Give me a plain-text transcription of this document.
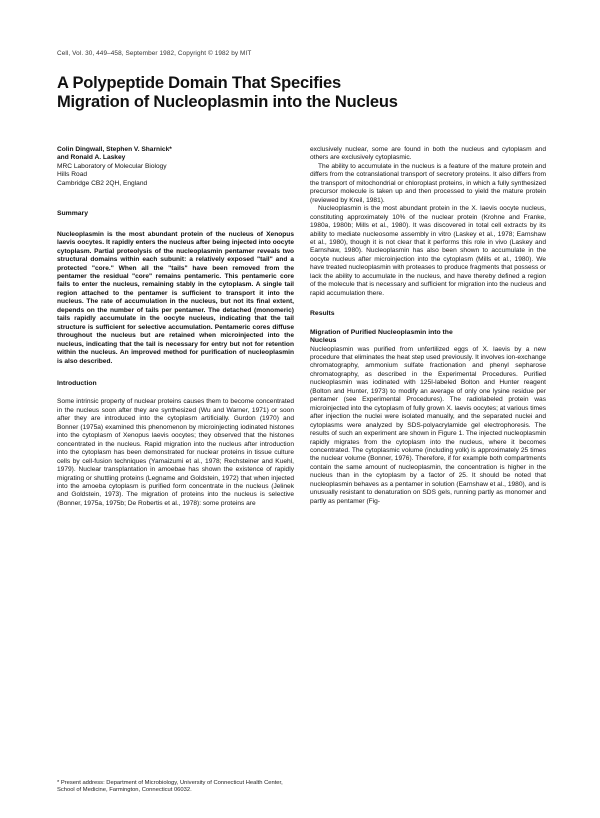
Cell, Vol. 30, 449–458, September 1982, Copyright © 1982 by MIT
A Polypeptide Domain That Specifies
Migration of Nucleoplasmin into the Nucleus

Colin Dingwall, Stephen V. Sharnick*

and Ronald A. Laskey

MRC Laboratory of Molecular Biology

Hills Road

Cambridge CB2 2QH, England

Summary

Nucleoplasmin is the most abundant protein of the nucleus of Xenopus laevis oocytes. It rapidly enters the nucleus after being injected into oocyte cytoplasm. Partial proteolysis of the nucleoplasmin pentamer reveals two structural domains within each subunit: a relatively exposed "tail" and a protected "core." When all the "tails" have been removed from the pentamer the residual "core" remains pentameric. This pentameric core fails to enter the nucleus, remaining stably in the cytoplasm. A single tail region attached to the pentamer is sufficient to transport it into the nucleus. The rate of accumulation in the nucleus, but not its final extent, depends on the number of tails per pentamer. The detached (monomeric) tails rapidly accumulate in the oocyte nucleus, indicating that the tail structure is sufficient for selective accumulation. Pentameric cores diffuse throughout the nucleus but are retained when microinjected into the nucleus, indicating that the tail is necessary for entry but not for retention within the nucleus. An improved method for purification of nucleoplasmin is also described.

Introduction

Some intrinsic property of nuclear proteins causes them to become concentrated in the nucleus soon after they are synthesized (Wu and Warner, 1971) or soon after they are introduced into the cytoplasm artificially. Gurdon (1970) and Bonner (1975a) examined this phenomenon by microinjecting iodinated histones into the cytoplasm of Xenopus laevis oocytes; they observed that the histones concentrated in the nucleus. Rapid migration into the nucleus after introduction into the cytoplasm has been demonstrated for nuclear proteins in tissue culture cells by cell-fusion techniques (Yamaizumi et al., 1978; Rechsteiner and Kuehl, 1979). Nuclear transplantation in amoebae has shown the existence of rapidly migrating or shuttling proteins (Legname and Goldstein, 1972) that when injected into the amoeba cytoplasm is purified form concentrate in the nucleus (Jelinek and Goldstein, 1973). The migration of proteins into the nucleus is selective (Bonner, 1975a, 1975b; De Robertis et al., 1978): some proteins are

* Present address: Department of Microbiology, University of Connecticut Health Center, School of Medicine, Farmington, Connecticut 06032.

exclusively nuclear, some are found in both the nucleus and cytoplasm and others are exclusively cytoplasmic.

The ability to accumulate in the nucleus is a feature of the mature protein and differs from the cotranslational transport of secretory proteins. It also differs from the transport of mitochondrial or chloroplast proteins, in which a fully synthesized precursor molecule is taken up and then processed to yield the mature protein (reviewed by Kreil, 1981).

Nucleoplasmin is the most abundant protein in the X. laevis oocyte nucleus, constituting approximately 10% of the nuclear protein (Krohne and Franke, 1980a, 1980b; Mills et al., 1980). It was discovered in total cell extracts by its ability to mediate nucleosome assembly in vitro (Laskey et al., 1978; Earnshaw et al., 1980), though it is not clear that it performs this role in vivo (Laskey and Earnshaw, 1980). Nucleoplasmin has also been shown to accumulate in the oocyte nucleus after microinjection into the cytoplasm (Mills et al., 1980). We have treated nucleoplasmin with proteases to produce fragments that possess or lack the ability to accumulate in the nucleus, and have thereby defined a region of the molecule that is necessary and sufficient for migration into the nucleus and rapid accumulation there.

Results

Migration of Purified Nucleoplasmin into the
Nucleus

Nucleoplasmin was purified from unfertilized eggs of X. laevis by a new procedure that eliminates the heat step used previously. It involves ion-exchange chromatography, ammonium sulfate fractionation and phenyl sepharose chromatography, as described in the Experimental Procedures. Purified nucleoplasmin was iodinated with 125I-labeled Bolton and Hunter reagent (Bolton and Hunter, 1973) to modify an average of only one lysine residue per pentamer (see Experimental Procedures). The radiolabeled protein was microinjected into the cytoplasm of fully grown X. laevis oocytes; at various times after injection the nuclei were isolated manually, and the separated nuclei and cytoplasms were analyzed by SDS-polyacrylamide gel electrophoresis. The results of such an experiment are shown in Figure 1. The injected nucleoplasmin rapidly migrates from the cytoplasm into the nucleus, where it becomes concentrated. The cytoplasmic volume (including yolk) is approximately 25 times the nuclear volume (Bonner, 1976). Therefore, if for example both compartments contain the same amount of nucleoplasmin, the concentration is higher in the nucleus than in the cytoplasm by a factor of 25. It should be noted that nucleoplasmin behaves as a pentamer in solution (Earnshaw et al., 1980), and is unusually resistant to denaturation on SDS gels, running partly as monomer and partly as pentamer (Fig-
